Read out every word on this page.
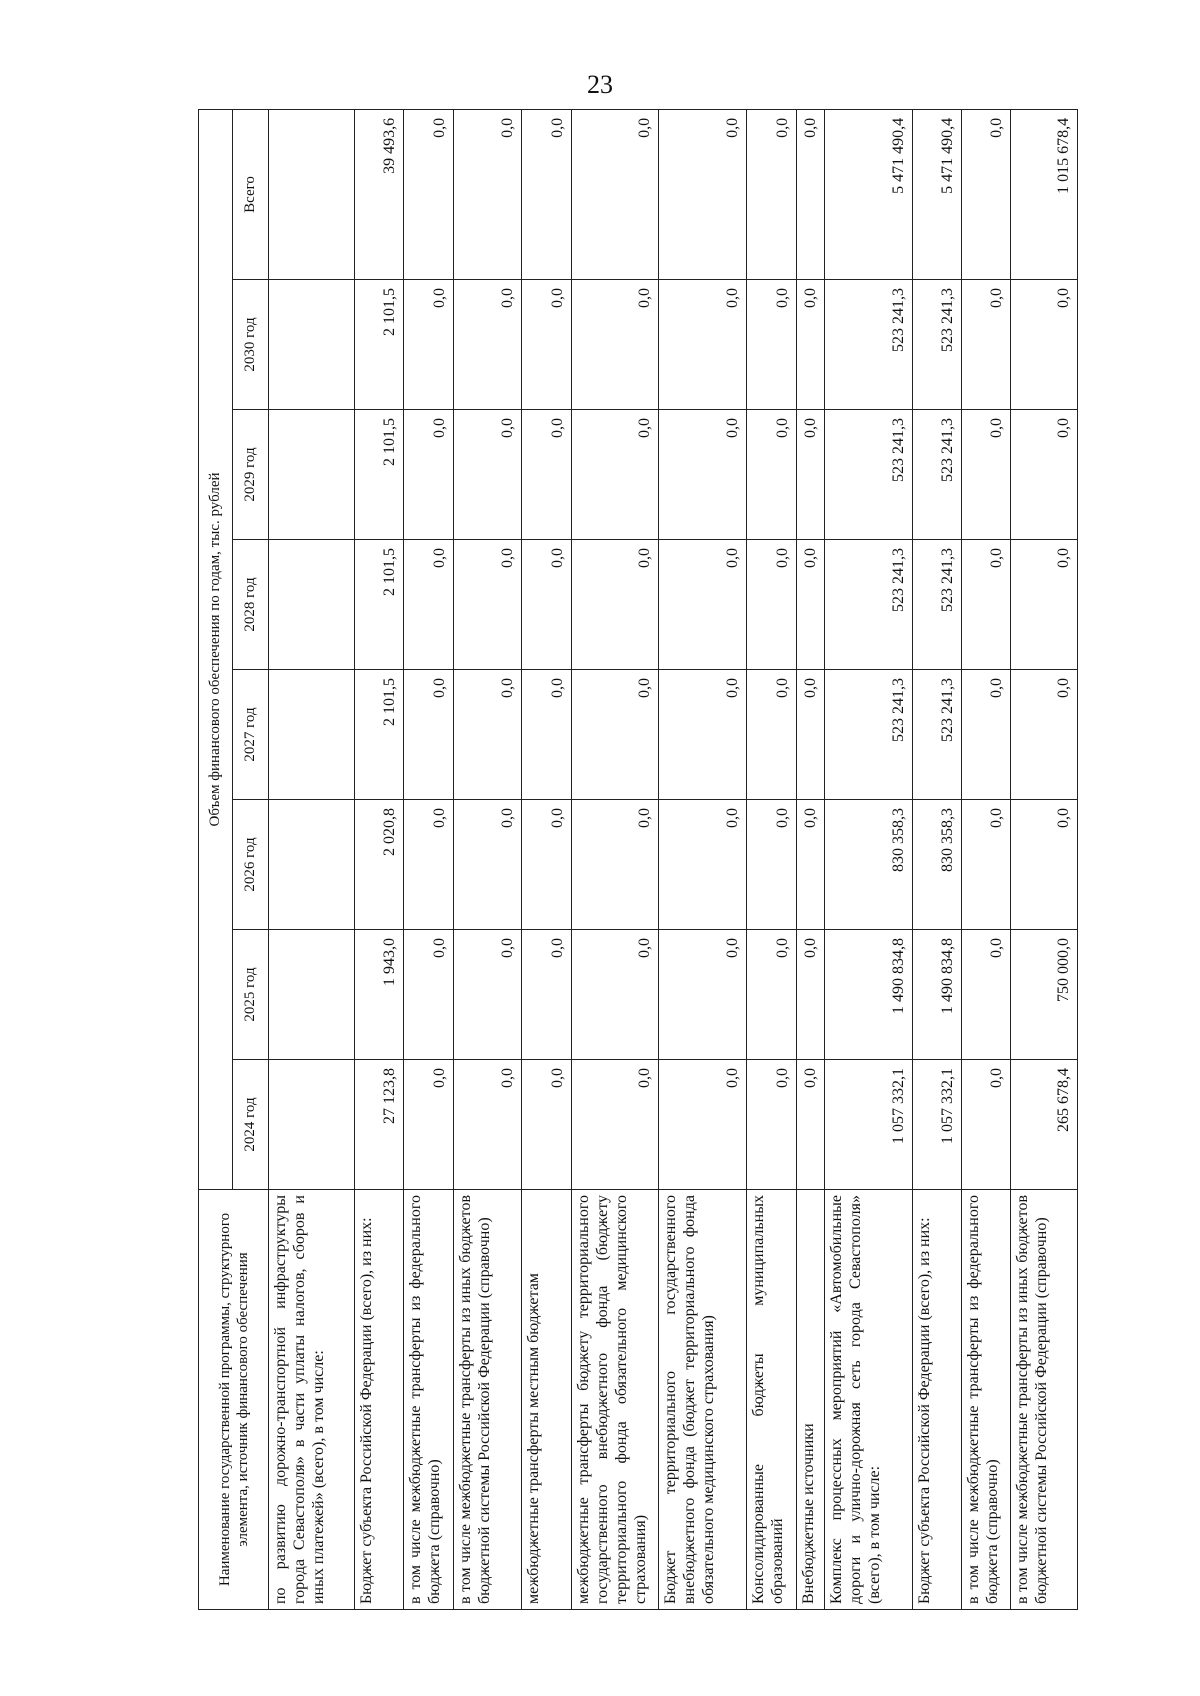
23
Наименование государственной программы, структурного элемента, источник финансового обеспечения	Объем финансового обеспечения по годам, тыс. рублей							
	2024 год	2025 год	2026 год	2027 год	2028 год	2029 год	2030 год	Всего
по развитию дорожно-транспортной инфраструктуры города Севастополя» в части уплаты налогов, сборов и иных платежей» (всего), в том числе:								
Бюджет субъекта Российской Федерации (всего), из них:	27 123,8	1 943,0	2 020,8	2 101,5	2 101,5	2 101,5	2 101,5	39 493,6
в том числе межбюджетные трансферты из федерального бюджета (справочно)	0,0	0,0	0,0	0,0	0,0	0,0	0,0	0,0
в том числе межбюджетные трансферты из иных бюджетов бюджетной системы Российской Федерации (справочно)	0,0	0,0	0,0	0,0	0,0	0,0	0,0	0,0
межбюджетные трансферты местным бюджетам	0,0	0,0	0,0	0,0	0,0	0,0	0,0	0,0
межбюджетные трансферты бюджету территориального государственного внебюджетного фонда (бюджету территориального фонда обязательного медицинского страхования)	0,0	0,0	0,0	0,0	0,0	0,0	0,0	0,0
Бюджет территориального государственного внебюджетного фонда (бюджет территориального фонда обязательного медицинского страхования)	0,0	0,0	0,0	0,0	0,0	0,0	0,0	0,0
Консолидированные бюджеты муниципальных образований	0,0	0,0	0,0	0,0	0,0	0,0	0,0	0,0
Внебюджетные источники	0,0	0,0	0,0	0,0	0,0	0,0	0,0	0,0
Комплекс процессных мероприятий «Автомобильные дороги и улично-дорожная сеть города Севастополя» (всего), в том числе:	1 057 332,1	1 490 834,8	830 358,3	523 241,3	523 241,3	523 241,3	523 241,3	5 471 490,4
Бюджет субъекта Российской Федерации (всего), из них:	1 057 332,1	1 490 834,8	830 358,3	523 241,3	523 241,3	523 241,3	523 241,3	5 471 490,4
в том числе межбюджетные трансферты из федерального бюджета (справочно)	0,0	0,0	0,0	0,0	0,0	0,0	0,0	0,0
в том числе межбюджетные трансферты из иных бюджетов бюджетной системы Российской Федерации (справочно)	265 678,4	750 000,0	0,0	0,0	0,0	0,0	0,0	1 015 678,4
